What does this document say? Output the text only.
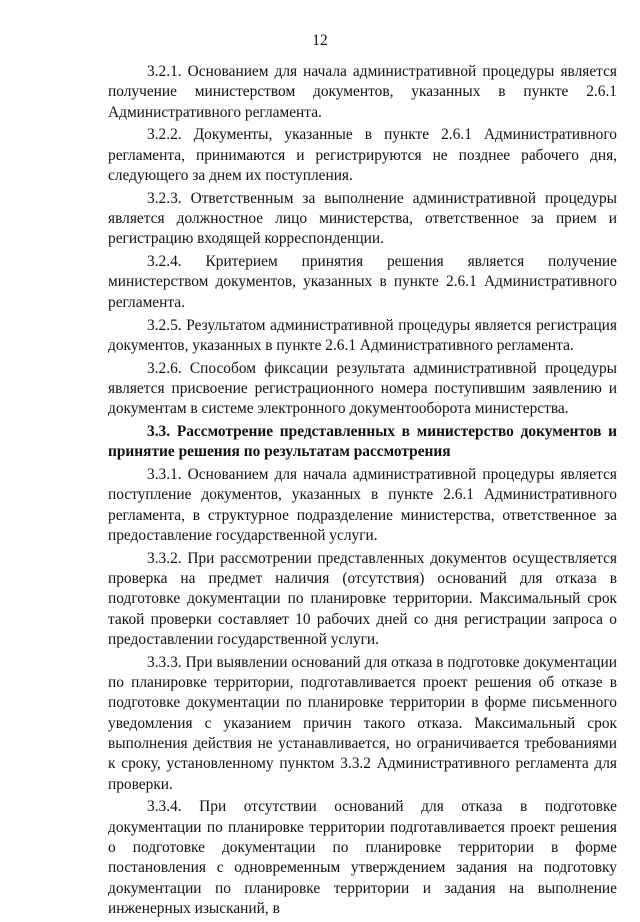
12

3.2.1. Основанием для начала административной процедуры является получение министерством документов, указанных в пункте 2.6.1 Административного регламента.

3.2.2. Документы, указанные в пункте 2.6.1 Административного регламента, принимаются и регистрируются не позднее рабочего дня, следующего за днем их поступления.

3.2.3. Ответственным за выполнение административной процедуры является должностное лицо министерства, ответственное за прием и регистрацию входящей корреспонденции.

3.2.4. Критерием принятия решения является получение министерством документов, указанных в пункте 2.6.1 Административного регламента.

3.2.5. Результатом административной процедуры является регистрация документов, указанных в пункте 2.6.1 Административного регламента.

3.2.6. Способом фиксации результата административной процедуры является присвоение регистрационного номера поступившим заявлению и документам в системе электронного документооборота министерства.

3.3. Рассмотрение представленных в министерство документов и принятие решения по результатам рассмотрения

3.3.1. Основанием для начала административной процедуры является поступление документов, указанных в пункте 2.6.1 Административного регламента, в структурное подразделение министерства, ответственное за предоставление государственной услуги.

3.3.2. При рассмотрении представленных документов осуществляется проверка на предмет наличия (отсутствия) оснований для отказа в подготовке документации по планировке территории. Максимальный срок такой проверки составляет 10 рабочих дней со дня регистрации запроса о предоставлении государственной услуги.

3.3.3. При выявлении оснований для отказа в подготовке документации по планировке территории, подготавливается проект решения об отказе в подготовке документации по планировке территории в форме письменного уведомления с указанием причин такого отказа. Максимальный срок выполнения действия не устанавливается, но ограничивается требованиями к сроку, установленному пунктом 3.3.2 Административного регламента для проверки.

3.3.4. При отсутствии оснований для отказа в подготовке документации по планировке территории подготавливается проект решения о подготовке документации по планировке территории в форме постановления с одновременным утверждением задания на подготовку документации по планировке территории и задания на выполнение инженерных изысканий, в
